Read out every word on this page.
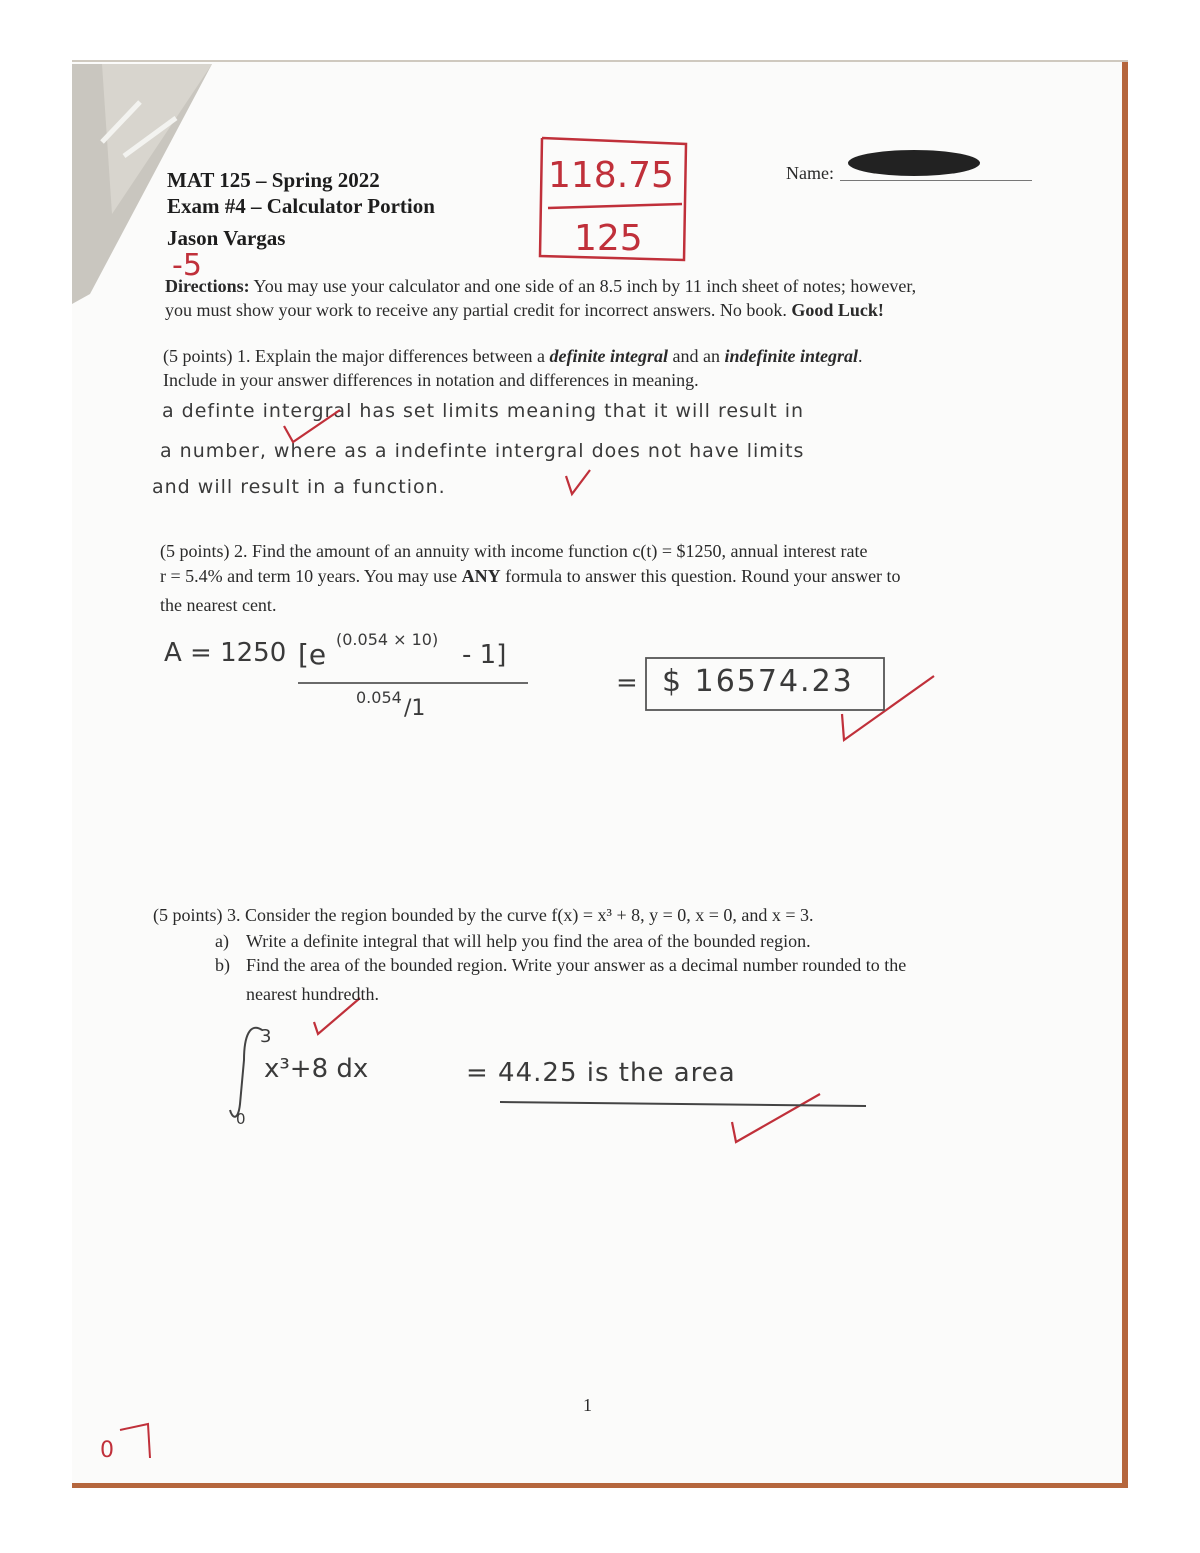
MAT 125 – Spring 2022
Exam #4 – Calculator Portion
Jason Vargas
Name:
118.75
125
-5
Directions: You may use your calculator and one side of an 8.5 inch by 11 inch sheet of notes; however,
you must show your work to receive any partial credit for incorrect answers. No book. Good Luck!
(5 points) 1. Explain the major differences between a definite integral and an indefinite integral.
Include in your answer differences in notation and differences in meaning.
a definte intergral has set limits meaning that it will result in
a number, where as a indefinte intergral does not have limits
and will result in a function.
(5 points) 2. Find the amount of an annuity with income function c(t) = $1250, annual interest rate
r = 5.4% and term 10 years. You may use ANY formula to answer this question. Round your answer to
the nearest cent.
A = 1250 [e (0.054 × 10)
- 1]
0.054 /1
= $ 16574.23
(5 points) 3. Consider the region bounded by the curve f(x) = x³ + 8, y = 0, x = 0, and x = 3.
a) Write a definite integral that will help you find the area of the bounded region.
b) Find the area of the bounded region. Write your answer as a decimal number rounded to the
nearest hundredth.
3
0
x³+8 dx	= 44.25 is the area
1
0
